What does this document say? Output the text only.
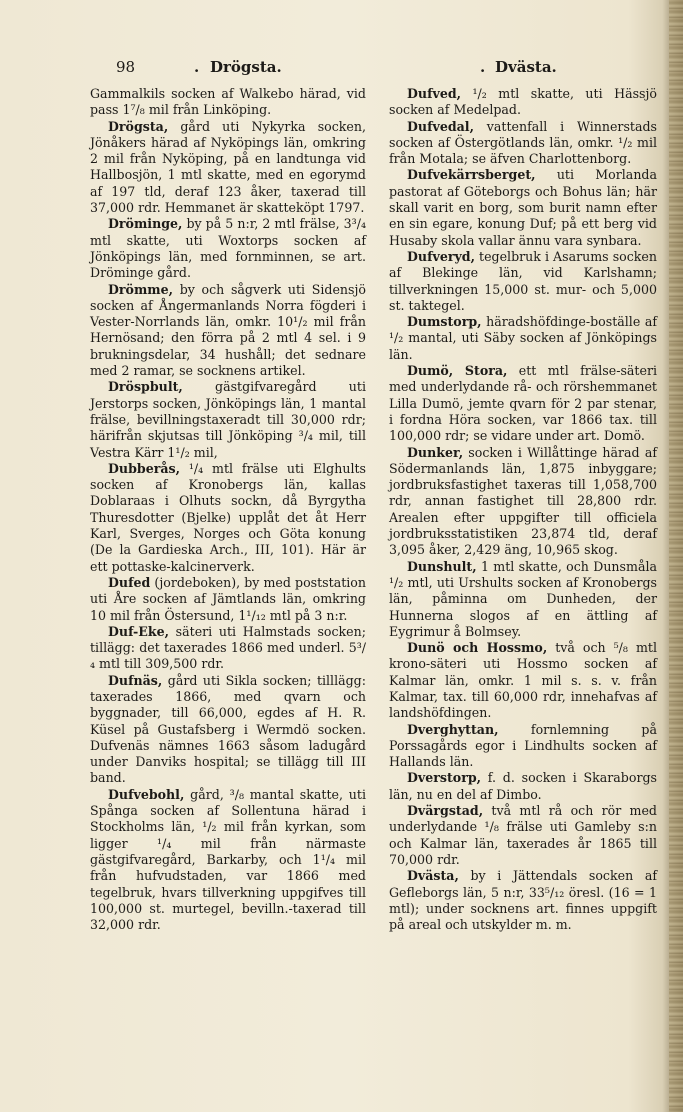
98	. Drögsta.	. Dvästa.

Gammalkils socken af Walkebo härad, vid pass 1⁷/₈ mil från Linköping.

Drögsta, gård uti Nykyrka socken, Jönåkers härad af Nyköpings län, omkring 2 mil från Nyköping, på en landtunga vid Hallbosjön, 1 mtl skatte, med en egorymd af 197 tld, deraf 123 åker, taxerad till 37,000 rdr. Hemmanet är skatteköpt 1797.

Dröminge, by på 5 n:r, 2 mtl frälse, 3³/₄ mtl skatte, uti Woxtorps socken af Jönköpings län, med fornminnen, se art. Dröminge gård.

Drömme, by och sågverk uti Sidensjö socken af Ångermanlands Norra fögderi i Vester-Norrlands län, omkr. 10¹/₂ mil från Hernösand; den förra på 2 mtl 4 sel. i 9 brukningsdelar, 34 hushåll; det sednare med 2 ramar, se socknens artikel.

Dröspbult, gästgifvaregård uti Jerstorps socken, Jönköpings län, 1 mantal frälse, bevillningstaxeradt till 30,000 rdr; härifrån skjutsas till Jönköping ³/₄ mil, till Vestra Kärr 1¹/₂ mil,

Dubberås, ¹/₄ mtl frälse uti Elghults socken af Kronobergs län, kallas Doblaraas i Olhuts sockn, då Byrgytha Thuresdotter (Bjelke) upplåt det åt Herr Karl, Sverges, Norges och Göta konung (De la Gardieska Arch., III, 101). Här är ett pottaske-kalcinerverk.

Dufed (jordeboken), by med poststation uti Åre socken af Jämtlands län, omkring 10 mil från Östersund, 1¹/₁₂ mtl på 3 n:r.

Duf-Eke, säteri uti Halmstads socken; tillägg: det taxerades 1866 med underl. 5³/₄ mtl till 309,500 rdr.

Dufnäs, gård uti Sikla socken; tilllägg: taxerades 1866, med qvarn och byggnader, till 66,000, egdes af H. R. Küsel på Gustafsberg i Wermdö socken. Dufvenäs nämnes 1663 såsom ladugård under Danviks hospital; se tillägg till III band.

Dufvebohl, gård, ³/₈ mantal skatte, uti Spånga socken af Sollentuna härad i Stockholms län, ¹/₂ mil från kyrkan, som ligger ¹/₄ mil från närmaste gästgifvaregård, Barkarby, och 1¹/₄ mil från hufvudstaden, var 1866 med tegelbruk, hvars tillverkning uppgifves till 100,000 st. murtegel, bevilln.-taxerad till 32,000 rdr.

Dufved, ¹/₂ mtl skatte, uti Hässjö socken af Medelpad.

Dufvedal, vattenfall i Winnerstads socken af Östergötlands län, omkr. ¹/₂ mil från Motala; se äfven Charlottenborg.

Dufvekärrsberget, uti Morlanda pastorat af Göteborgs och Bohus län; här skall varit en borg, som burit namn efter en sin egare, konung Duf; på ett berg vid Husaby skola vallar ännu vara synbara.

Dufveryd, tegelbruk i Asarums socken af Blekinge län, vid Karlshamn; tillverkningen 15,000 st. mur- och 5,000 st. taktegel.

Dumstorp, häradshöfdinge-boställe af ¹/₂ mantal, uti Säby socken af Jönköpings län.

Dumö, Stora, ett mtl frälse-säteri med underlydande rå- och rörshemmanet Lilla Dumö, jemte qvarn för 2 par stenar, i fordna Höra socken, var 1866 tax. till 100,000 rdr; se vidare under art. Domö.

Dunker, socken i Willåttinge härad af Södermanlands län, 1,875 inbyggare; jordbruksfastighet taxeras till 1,058,700 rdr, annan fastighet till 28,800 rdr. Arealen efter uppgifter till officiela jordbruksstatistiken 23,874 tld, deraf 3,095 åker, 2,429 äng, 10,965 skog.

Dunshult, 1 mtl skatte, och Dunsmåla ¹/₂ mtl, uti Urshults socken af Kronobergs län, påminna om Dunheden, der Hunnerna slogos af en ättling af Eygrimur å Bolmsey.

Dunö och Hossmo, två och ⁵/₈ mtl krono-säteri uti Hossmo socken af Kalmar län, omkr. 1 mil s. s. v. från Kalmar, tax. till 60,000 rdr, innehafvas af landshöfdingen.

Dverghyttan, fornlemning på Porssagårds egor i Lindhults socken af Hallands län.

Dverstorp, f. d. socken i Skaraborgs län, nu en del af Dimbo.

Dvärgstad, två mtl rå och rör med underlydande ¹/₈ frälse uti Gamleby s:n och Kalmar län, taxerades år 1865 till 70,000 rdr.

Dvästa, by i Jättendals socken af Gefleborgs län, 5 n:r, 33⁵/₁₂ öresl. (16 = 1 mtl); under socknens art. finnes uppgift på areal och utskylder m. m.
